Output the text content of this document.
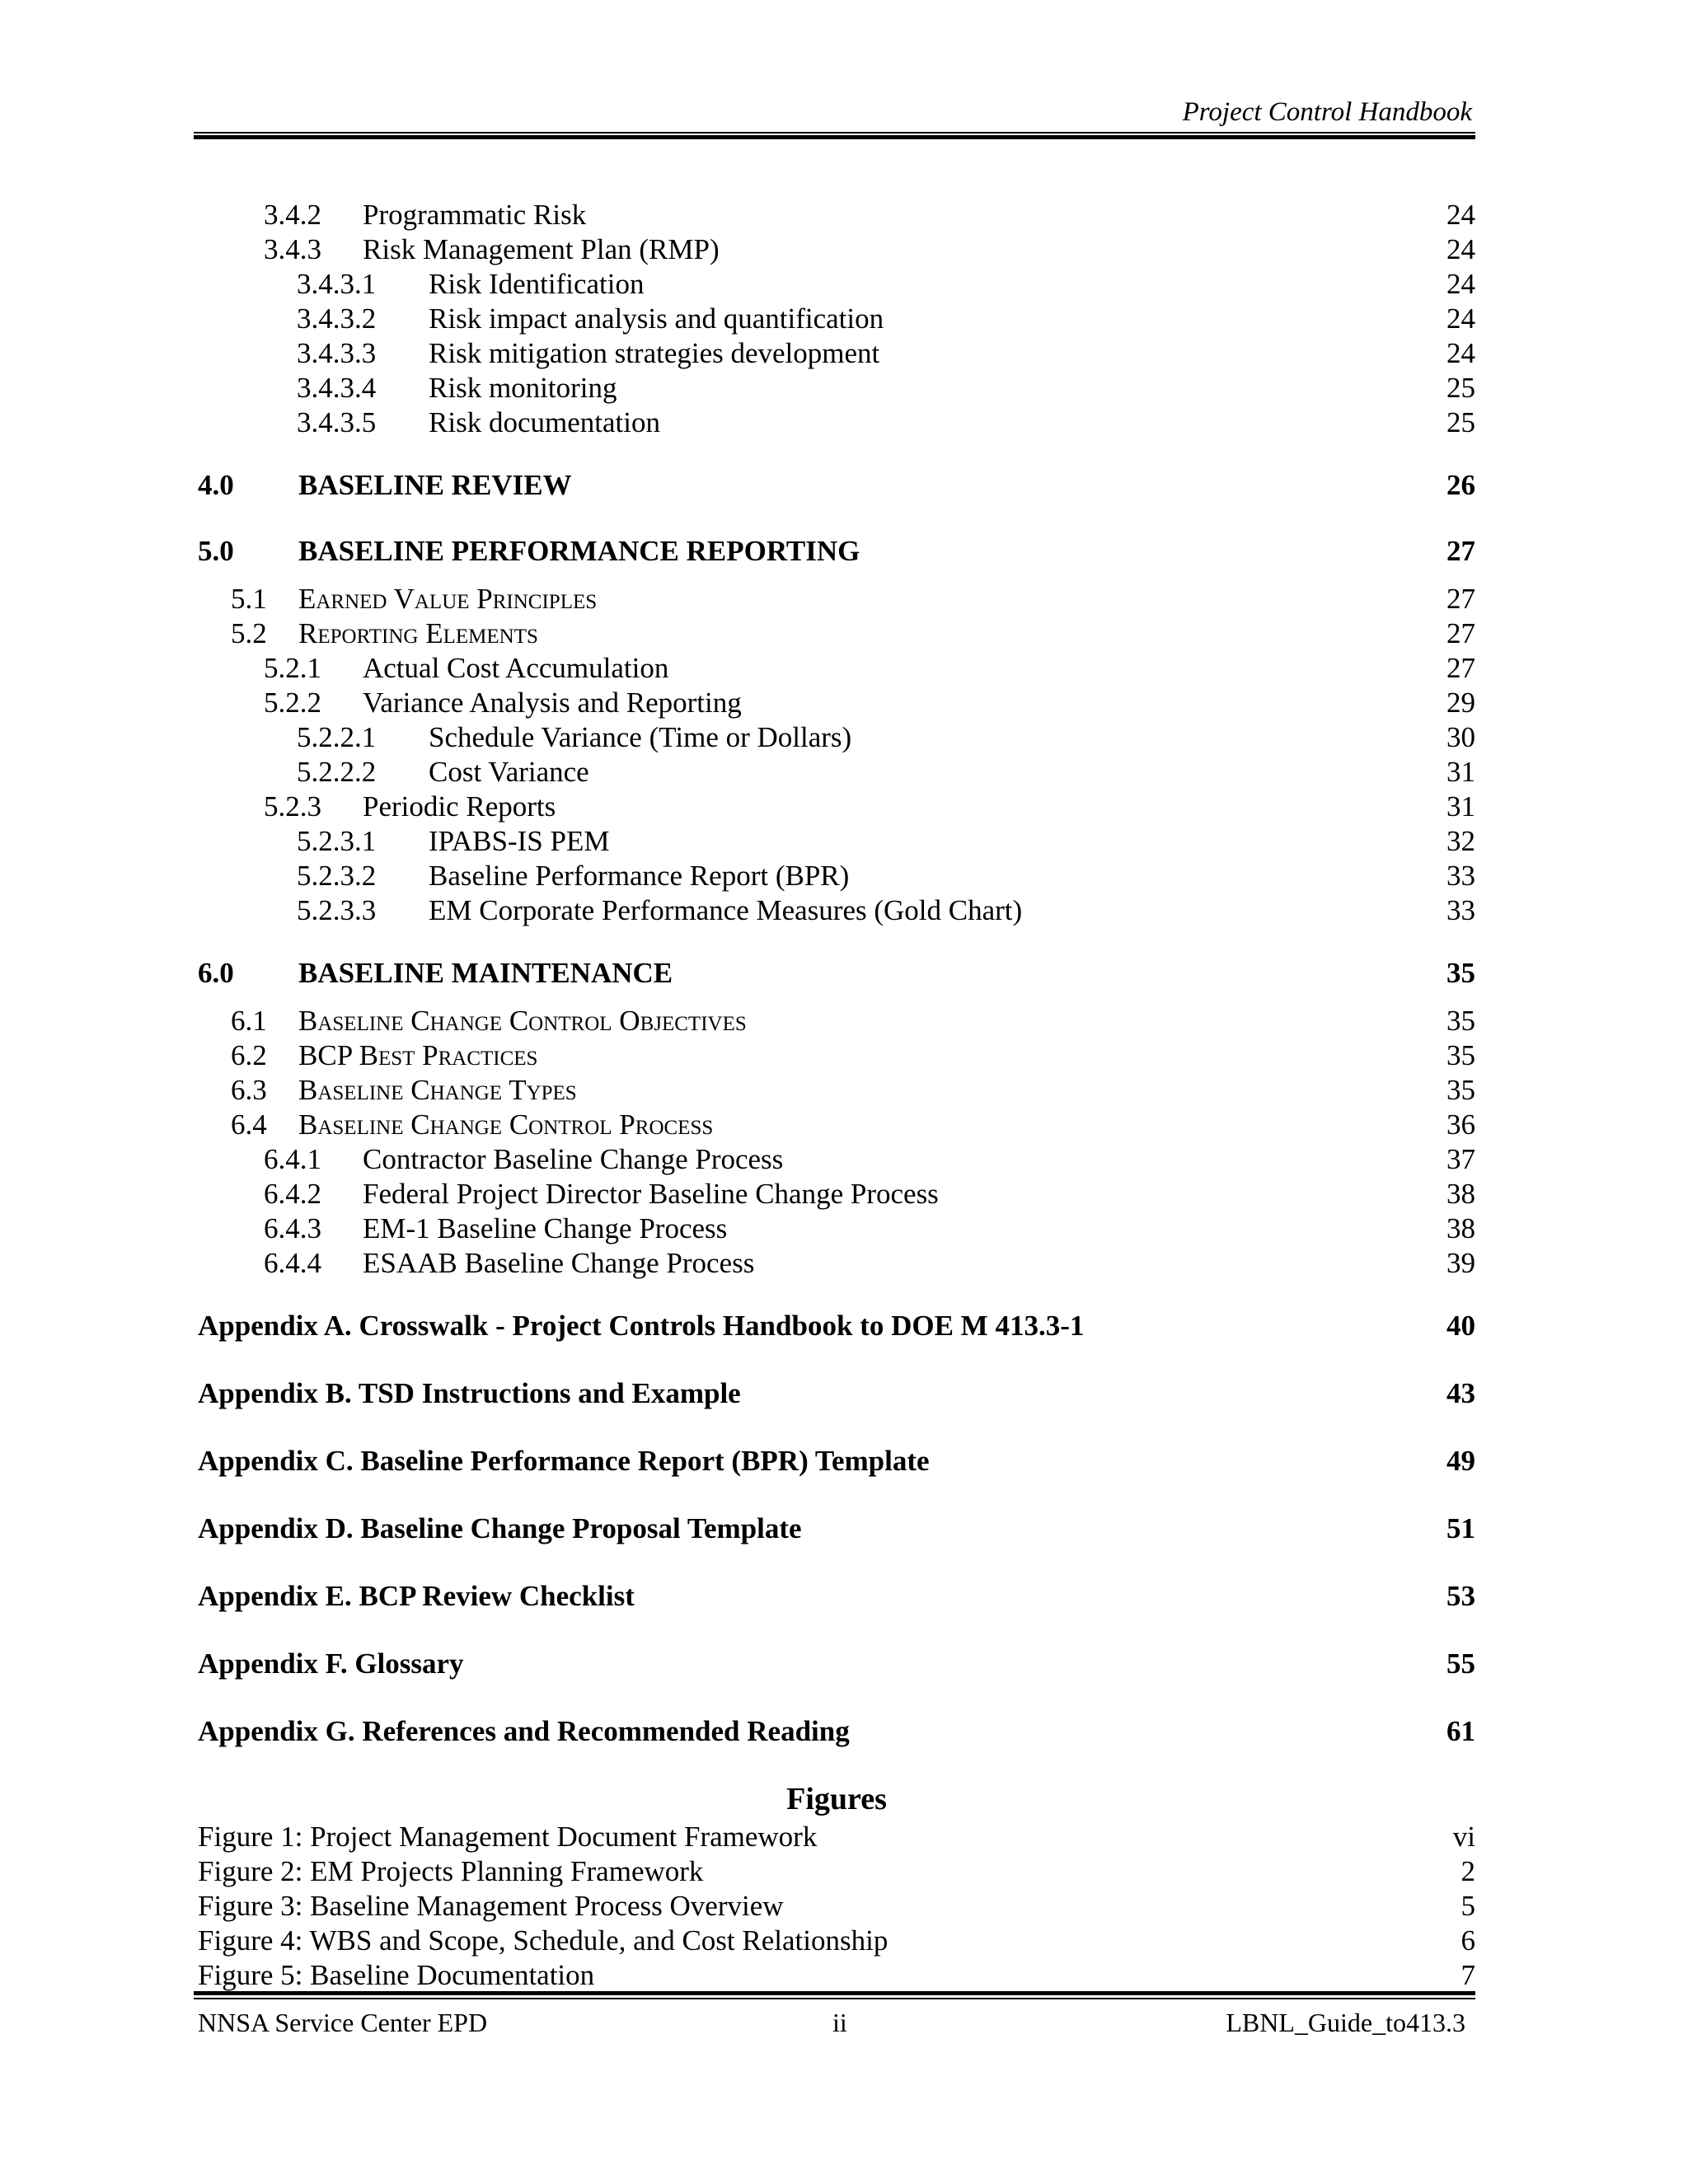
Project Control Handbook
3.4.2 Programmatic Risk	24
3.4.3 Risk Management Plan (RMP)	24
3.4.3.1 Risk Identification	24
3.4.3.2 Risk impact analysis and quantification	24
3.4.3.3 Risk mitigation strategies development	24
3.4.3.4 Risk monitoring	25
3.4.3.5 Risk documentation	25
4.0 BASELINE REVIEW	26
5.0 BASELINE PERFORMANCE REPORTING	27
5.1 Earned Value Principles	27
5.2 Reporting Elements	27
5.2.1 Actual Cost Accumulation	27
5.2.2 Variance Analysis and Reporting	29
5.2.2.1 Schedule Variance (Time or Dollars)	30
5.2.2.2 Cost Variance	31
5.2.3 Periodic Reports	31
5.2.3.1 IPABS-IS PEM	32
5.2.3.2 Baseline Performance Report (BPR)	33
5.2.3.3 EM Corporate Performance Measures (Gold Chart)	33
6.0 BASELINE MAINTENANCE	35
6.1 Baseline Change Control Objectives	35
6.2 BCP Best Practices	35
6.3 Baseline Change Types	35
6.4 Baseline Change Control Process	36
6.4.1 Contractor Baseline Change Process	37
6.4.2 Federal Project Director Baseline Change Process	38
6.4.3 EM-1 Baseline Change Process	38
6.4.4 ESAAB Baseline Change Process	39
Appendix A. Crosswalk - Project Controls Handbook to DOE M 413.3-1	40
Appendix B. TSD Instructions and Example	43
Appendix C. Baseline Performance Report (BPR) Template	49
Appendix D. Baseline Change Proposal Template	51
Appendix E. BCP Review Checklist	53
Appendix F. Glossary	55
Appendix G. References and Recommended Reading	61
Figures
Figure 1: Project Management Document Framework	vi
Figure 2: EM Projects Planning Framework	2
Figure 3: Baseline Management Process Overview	5
Figure 4: WBS and Scope, Schedule, and Cost Relationship	6
Figure 5: Baseline Documentation	7
NNSA Service Center EPD	ii	LBNL_Guide_to413.3
